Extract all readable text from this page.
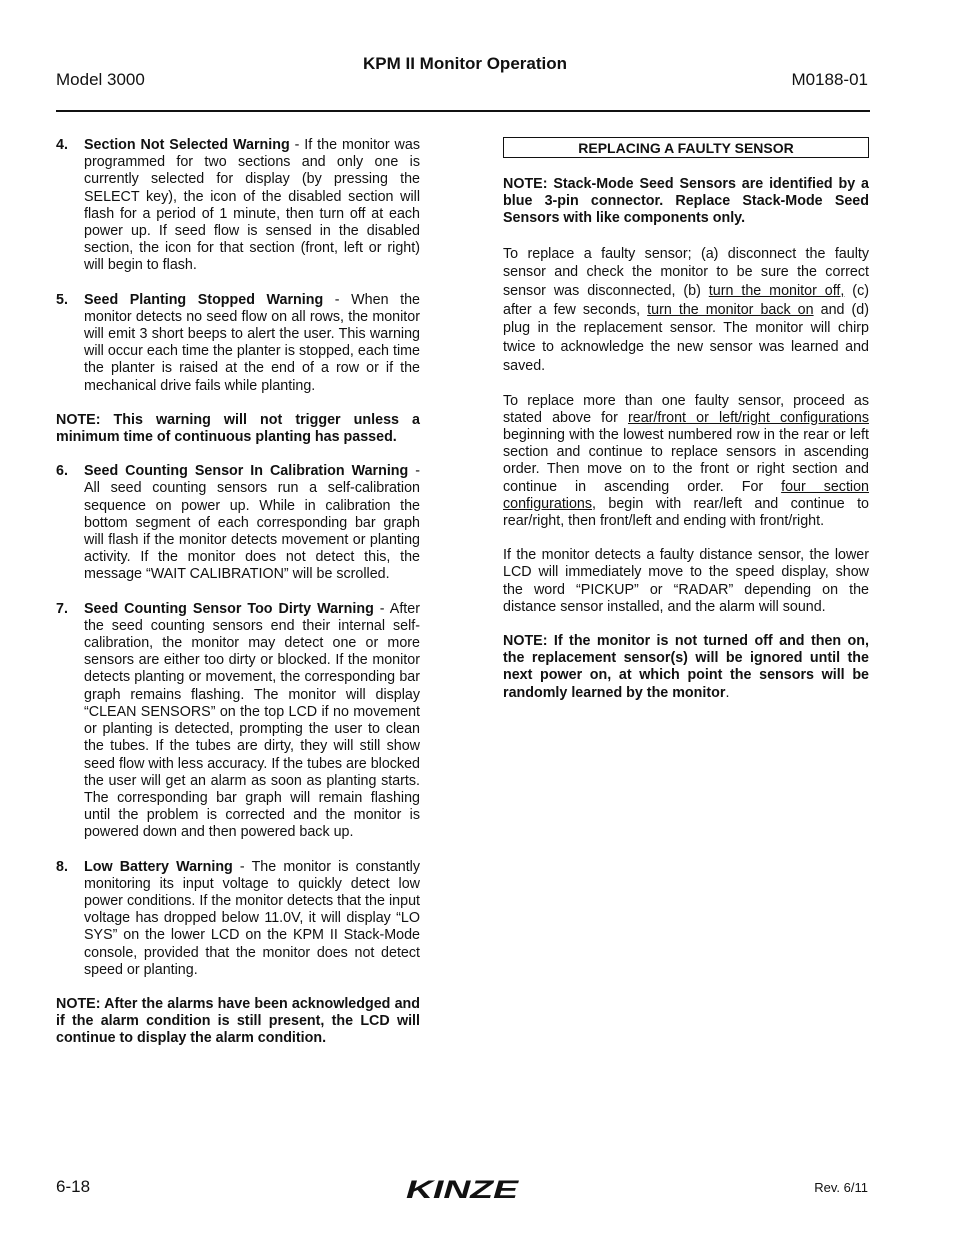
KPM II Monitor Operation
Model 3000	M0188-01
4.	Section Not Selected Warning - If the monitor was programmed for two sections and only one is currently selected for display (by pressing the SELECT key), the icon of the disabled section will flash for a period of 1 minute, then turn off at each power up. If seed flow is sensed in the disabled section, the icon for that section (front, left or right) will begin to flash.
5.	Seed Planting Stopped Warning - When the monitor detects no seed flow on all rows, the monitor will emit 3 short beeps to alert the user. This warning will occur each time the planter is stopped, each time the planter is raised at the end of a row or if the mechanical drive fails while planting.

NOTE: This warning will not trigger unless a minimum time of continuous planting has passed.

6.	Seed Counting Sensor In Calibration Warning - All seed counting sensors run a self-calibration sequence on power up. While in calibration the bottom segment of each corresponding bar graph will flash if the monitor detects movement or planting activity. If the monitor does not detect this, the message “WAIT CALIBRATION” will be scrolled.
7.	Seed Counting Sensor Too Dirty Warning - After the seed counting sensors end their internal self-calibration, the monitor may detect one or more sensors are either too dirty or blocked. If the monitor detects planting or movement, the corresponding bar graph remains flashing. The monitor will display “CLEAN SENSORS” on the top LCD if no movement or planting is detected, prompting the user to clean the tubes. If the tubes are dirty, they will still show seed flow with less accuracy. If the tubes are blocked the user will get an alarm as soon as planting starts. The corresponding bar graph will remain flashing until the problem is corrected and the monitor is powered down and then powered back up.
8.	Low Battery Warning - The monitor is constantly monitoring its input voltage to quickly detect low power conditions. If the monitor detects that the input voltage has dropped below 11.0V, it will display “LO SYS” on the lower LCD on the KPM II Stack-Mode console, provided that the monitor does not detect speed or planting.

NOTE: After the alarms have been acknowledged and if the alarm condition is still present, the LCD will continue to display the alarm condition.

REPLACING A FAULTY SENSOR

NOTE: Stack-Mode Seed Sensors are identified by a blue 3-pin connector. Replace Stack-Mode Seed Sensors with like components only.

To replace a faulty sensor; (a) disconnect the faulty sensor and check the monitor to be sure the correct sensor was disconnected, (b) turn the monitor off, (c) after a few seconds, turn the monitor back on and (d) plug in the replacement sensor. The monitor will chirp twice to acknowledge the new sensor was learned and saved.

To replace more than one faulty sensor, proceed as stated above for rear/front or left/right configurations beginning with the lowest numbered row in the rear or left section and continue to replace sensors in ascending order. Then move on to the front or right section and continue in ascending order. For four section configurations, begin with rear/left and continue to rear/right, then front/left and ending with front/right.

If the monitor detects a faulty distance sensor, the lower LCD will immediately move to the speed display, show the word “PICKUP” or “RADAR” depending on the distance sensor installed, and the alarm will sound.

NOTE: If the monitor is not turned off and then on, the replacement sensor(s) will be ignored until the next power on, at which point the sensors will be randomly learned by the monitor.

6-18	KINZE	Rev. 6/11
